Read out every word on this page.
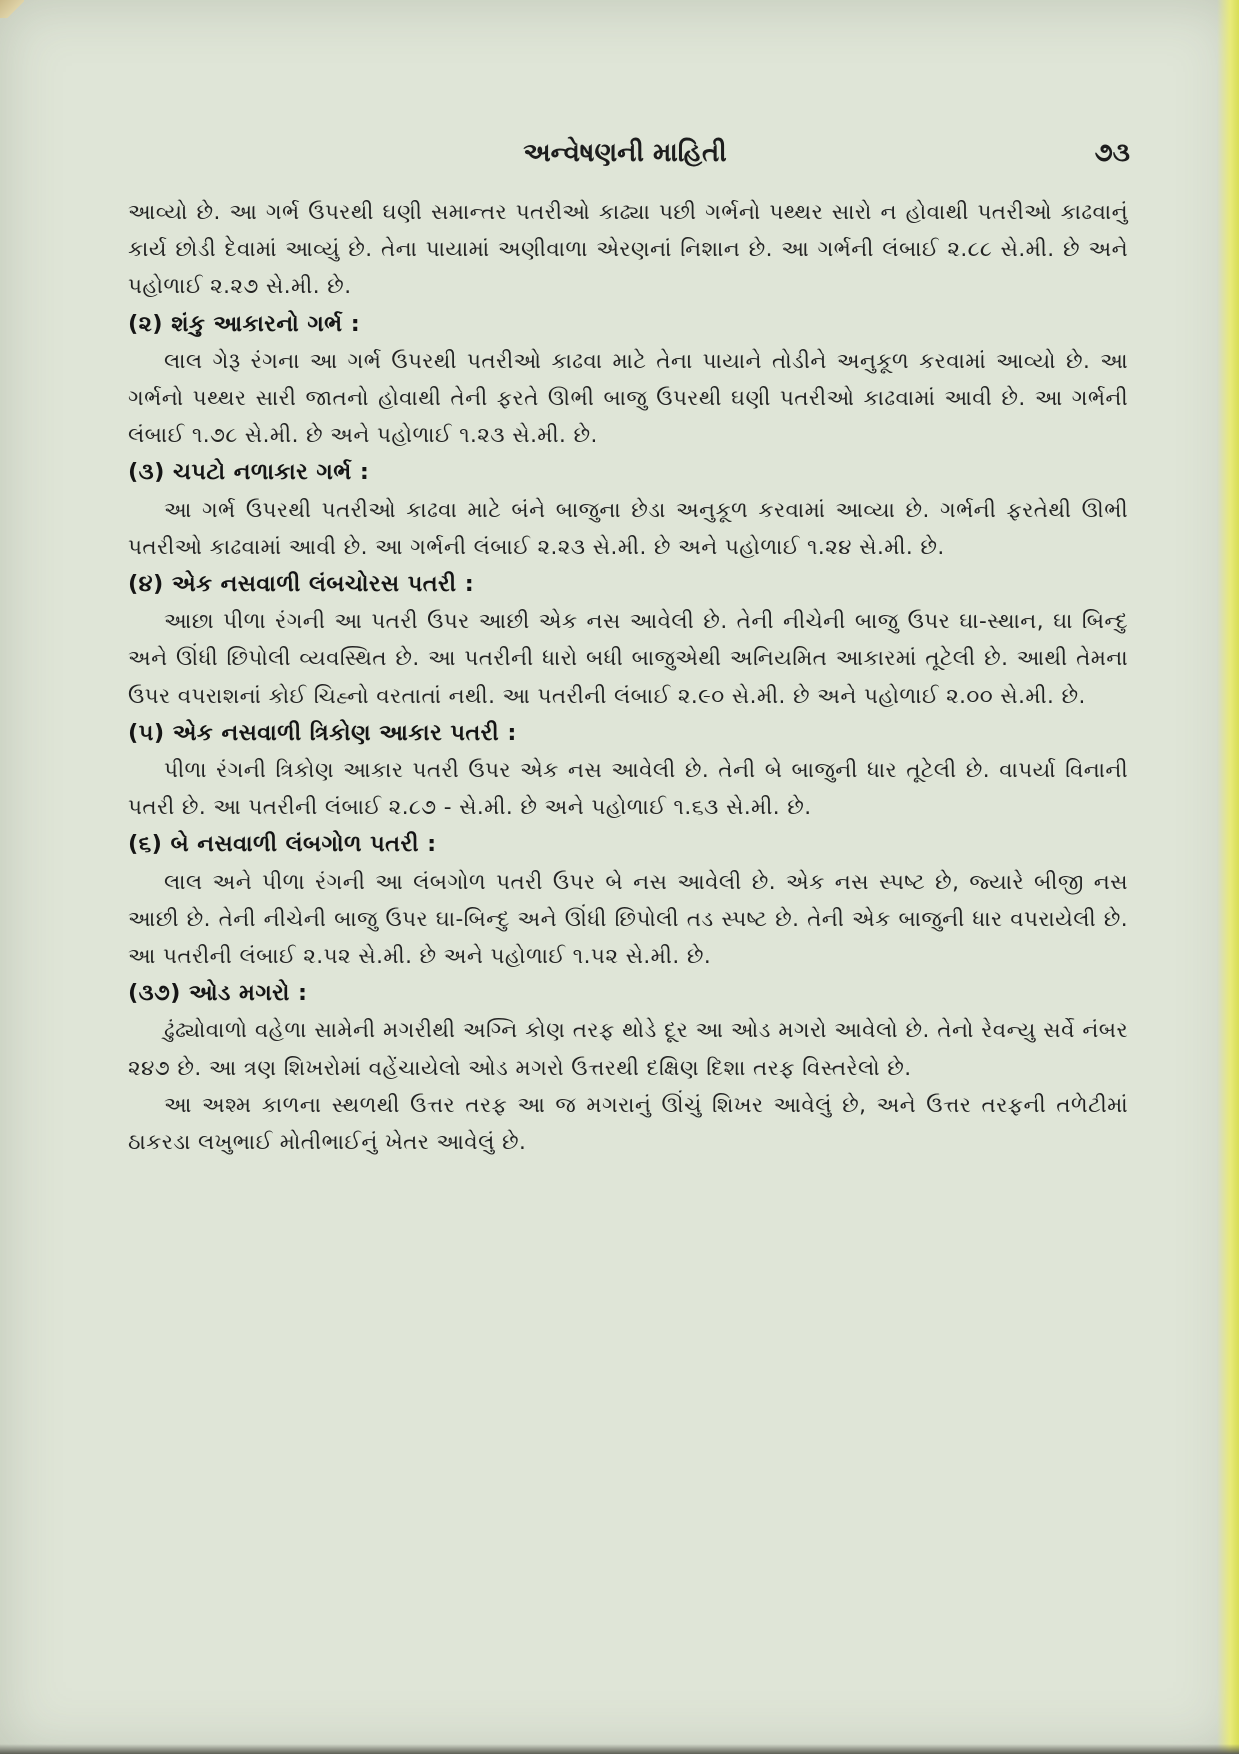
અન્વેષણની માહિતી	૭૩

આવ્યો છે. આ ગર્ભ ઉપરથી ઘણી સમાન્તર પતરીઓ કાઢ્યા પછી ગર્ભનો પથ્થર સારો ન હોવાથી પતરીઓ કાઢવાનું કાર્ય છોડી દેવામાં આવ્યું છે. તેના પાયામાં અણીવાળા એરણનાં નિશાન છે. આ ગર્ભની લંબાઈ ૨.૮૮ સે.મી. છે અને પહોળાઈ ૨.૨૭ સે.મી. છે.

(૨) શંકુ આકારનો ગર્ભ :

લાલ ગેરૂ રંગના આ ગર્ભ ઉપરથી પતરીઓ કાઢવા માટે તેના પાયાને તોડીને અનુકૂળ કરવામાં આવ્યો છે. આ ગર્ભનો પથ્થર સારી જાતનો હોવાથી તેની ફરતે ઊભી બાજુ ઉપરથી ઘણી પતરીઓ કાઢવામાં આવી છે. આ ગર્ભની લંબાઈ ૧.૭૮ સે.મી. છે અને પહોળાઈ ૧.૨૩ સે.મી. છે.

(૩) ચપટો નળાકાર ગર્ભ :

આ ગર્ભ ઉપરથી પતરીઓ કાઢવા માટે બંને બાજુના છેડા અનુકૂળ કરવામાં આવ્યા છે. ગર્ભની ફરતેથી ઊભી પતરીઓ કાઢવામાં આવી છે. આ ગર્ભની લંબાઈ ૨.૨૩ સે.મી. છે અને પહોળાઈ ૧.૨૪ સે.મી. છે.

(૪) એક નસવાળી લંબચોરસ પતરી :

આછા પીળા રંગની આ પતરી ઉપર આછી એક નસ આવેલી છે. તેની નીચેની બાજુ ઉપર ઘા-સ્થાન, ઘા બિન્દુ અને ઊંધી છિપોલી વ્યવસ્થિત છે. આ પતરીની ધારો બધી બાજુએથી અનિયમિત આકારમાં તૂટેલી છે. આથી તેમના ઉપર વપરાશનાં કોઈ ચિહ્નો વરતાતાં નથી. આ પતરીની લંબાઈ ૨.૯૦ સે.મી. છે અને પહોળાઈ ૨.૦૦ સે.મી. છે.

(૫) એક નસવાળી ત્રિકોણ આકાર પતરી :

પીળા રંગની ત્રિકોણ આકાર પતરી ઉપર એક નસ આવેલી છે. તેની બે બાજુની ધાર તૂટેલી છે. વાપર્યા વિનાની પતરી છે. આ પતરીની લંબાઈ ૨.૮૭ - સે.મી. છે અને પહોળાઈ ૧.૬૩ સે.મી. છે.

(૬) બે નસવાળી લંબગોળ પતરી :

લાલ અને પીળા રંગની આ લંબગોળ પતરી ઉપર બે નસ આવેલી છે. એક નસ સ્પષ્ટ છે, જ્યારે બીજી નસ આછી છે. તેની નીચેની બાજુ ઉપર ઘા-બિન્દુ અને ઊંધી છિપોલી તડ સ્પષ્ટ છે. તેની એક બાજુની ધાર વપરાયેલી છે. આ પતરીની લંબાઈ ૨.૫૨ સે.મી. છે અને પહોળાઈ ૧.૫૨ સે.મી. છે.

(૩૭) ઓડ મગરો :

ઢુંઢ્યોવાળો વહેળા સામેની મગરીથી અગ્નિ કોણ તરફ થોડે દૂર આ ઓડ મગરો આવેલો છે. તેનો રેવન્યુ સર્વે નંબર ૨૪૭ છે. આ ત્રણ શિખરોમાં વહેંચાયેલો ઓડ મગરો ઉત્તરથી દક્ષિણ દિશા તરફ વિસ્તરેલો છે.

આ અશ્મ કાળના સ્થળથી ઉત્તર તરફ આ જ મગરાનું ઊંચું શિખર આવેલું છે, અને ઉત્તર તરફની તળેટીમાં ઠાકરડા લખુભાઈ મોતીભાઈનું ખેતર આવેલું છે.
